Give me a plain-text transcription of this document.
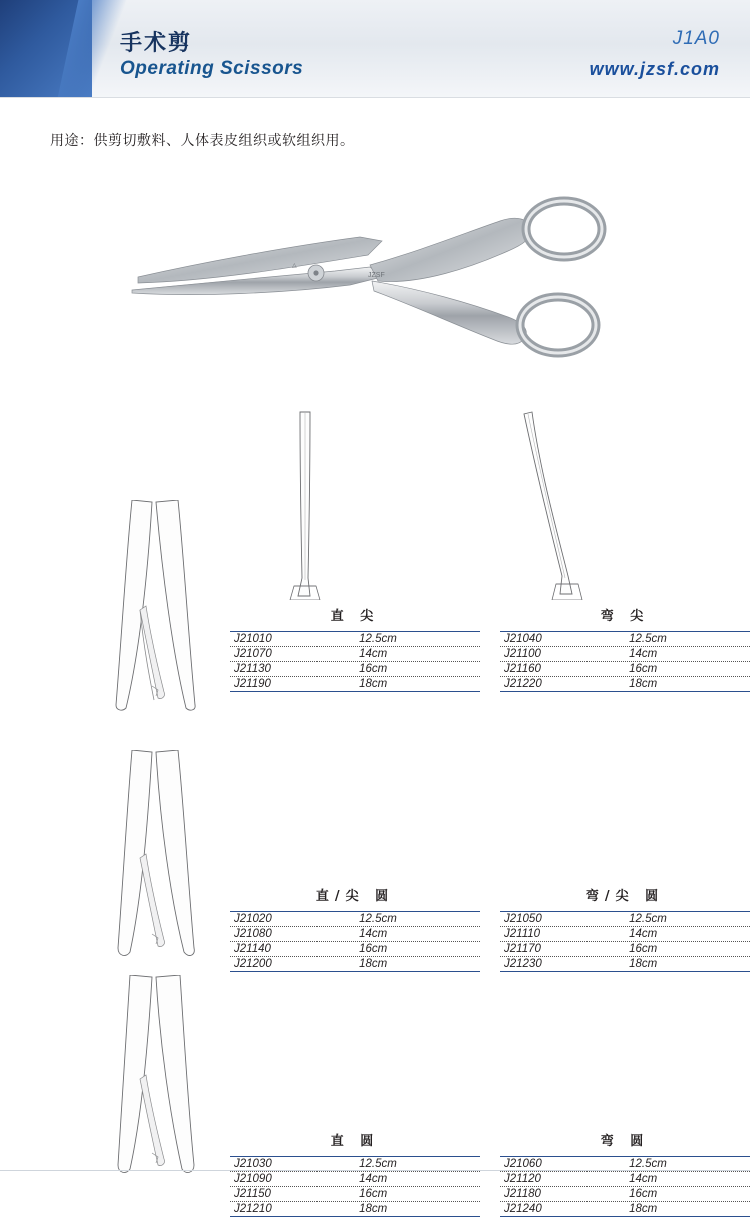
手术剪
Operating Scissors
J1A0
www.jzsf.com
用途：供剪切敷料、人体表皮组织或软组织用。
JZSF
△
直 尖
J21010	12.5cm
J21070	14cm
J21130	16cm
J21190	18cm
弯 尖
J21040	12.5cm
J21100	14cm
J21160	16cm
J21220	18cm
直/尖 圆
J21020	12.5cm
J21080	14cm
J21140	16cm
J21200	18cm
弯/尖 圆
J21050	12.5cm
J21110	14cm
J21170	16cm
J21230	18cm
直 圆
J21030	12.5cm
J21090	14cm
J21150	16cm
J21210	18cm
弯 圆
J21060	12.5cm
J21120	14cm
J21180	16cm
J21240	18cm
